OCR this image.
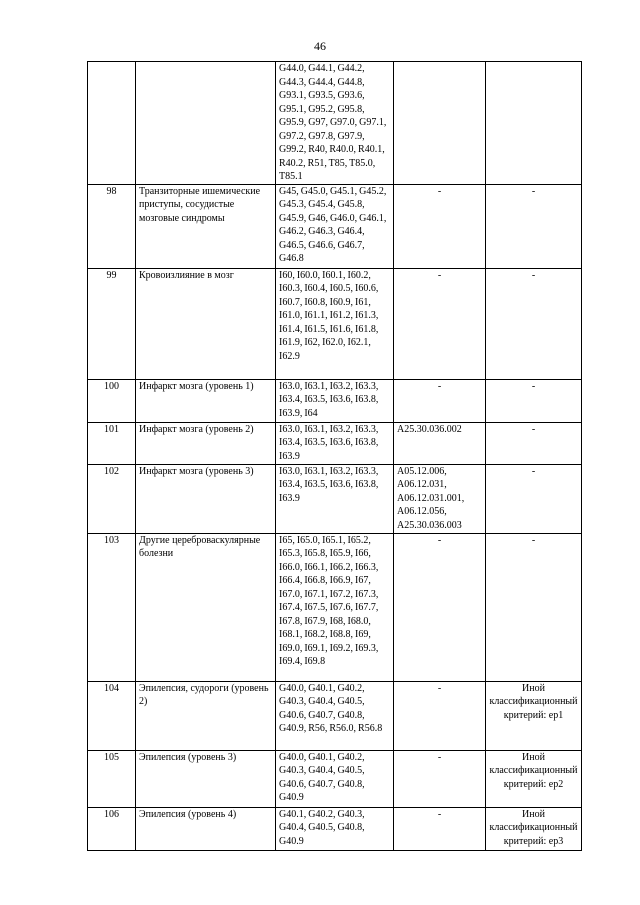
46
		G44.0, G44.1, G44.2, G44.3, G44.4, G44.8, G93.1, G93.5, G93.6, G95.1, G95.2, G95.8, G95.9, G97, G97.0, G97.1, G97.2, G97.8, G97.9, G99.2, R40, R40.0, R40.1, R40.2, R51, T85, T85.0, T85.1		
98	Транзиторные ишемические приступы, сосудистые мозговые синдромы	G45, G45.0, G45.1, G45.2, G45.3, G45.4, G45.8, G45.9, G46, G46.0, G46.1, G46.2, G46.3, G46.4, G46.5, G46.6, G46.7, G46.8	-	-
99	Кровоизлияние в мозг	I60, I60.0, I60.1, I60.2, I60.3, I60.4, I60.5, I60.6, I60.7, I60.8, I60.9, I61, I61.0, I61.1, I61.2, I61.3, I61.4, I61.5, I61.6, I61.8, I61.9, I62, I62.0, I62.1, I62.9	-	-
100	Инфаркт мозга (уровень 1)	I63.0, I63.1, I63.2, I63.3, I63.4, I63.5, I63.6, I63.8, I63.9, I64	-	-
101	Инфаркт мозга (уровень 2)	I63.0, I63.1, I63.2, I63.3, I63.4, I63.5, I63.6, I63.8, I63.9	A25.30.036.002	-
102	Инфаркт мозга (уровень 3)	I63.0, I63.1, I63.2, I63.3, I63.4, I63.5, I63.6, I63.8, I63.9	A05.12.006, A06.12.031, A06.12.031.001, A06.12.056, A25.30.036.003	-
103	Другие цереброваскулярные болезни	I65, I65.0, I65.1, I65.2, I65.3, I65.8, I65.9, I66, I66.0, I66.1, I66.2, I66.3, I66.4, I66.8, I66.9, I67, I67.0, I67.1, I67.2, I67.3, I67.4, I67.5, I67.6, I67.7, I67.8, I67.9, I68, I68.0, I68.1, I68.2, I68.8, I69, I69.0, I69.1, I69.2, I69.3, I69.4, I69.8	-	-
104	Эпилепсия, судороги (уровень 2)	G40.0, G40.1, G40.2, G40.3, G40.4, G40.5, G40.6, G40.7, G40.8, G40.9, R56, R56.0, R56.8	-	Иной классификационный критерий: ep1
105	Эпилепсия (уровень 3)	G40.0, G40.1, G40.2, G40.3, G40.4, G40.5, G40.6, G40.7, G40.8, G40.9	-	Иной классификационный критерий: ep2
106	Эпилепсия (уровень 4)	G40.1, G40.2, G40.3, G40.4, G40.5, G40.8, G40.9	-	Иной классификационный критерий: ep3
